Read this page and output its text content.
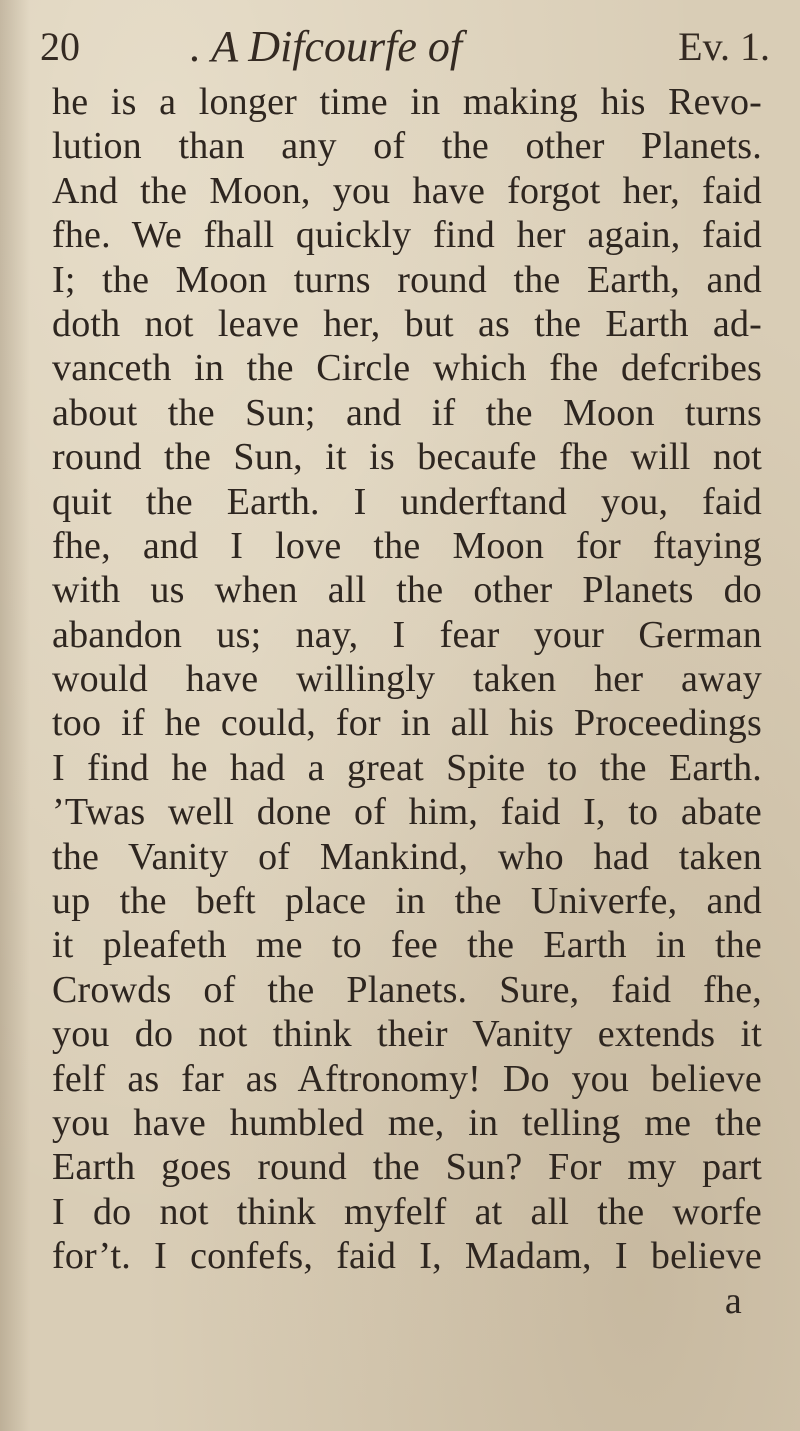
20	. A Difcourfe of	Ev. 1.
he is a longer time in making his Revo-
lution than any of the other Planets.
And the Moon, you have forgot her, faid
fhe. We fhall quickly find her again, faid
I; the Moon turns round the Earth, and
doth not leave her, but as the Earth ad-
vanceth in the Circle which fhe defcribes
about the Sun; and if the Moon turns
round the Sun, it is becaufe fhe will not
quit the Earth. I underftand you, faid
fhe, and I love the Moon for ftaying
with us when all the other Planets do
abandon us; nay, I fear your German
would have willingly taken her away
too if he could, for in all his Proceedings
I find he had a great Spite to the Earth.
’Twas well done of him, faid I, to abate
the Vanity of Mankind, who had taken
up the beft place in the Univerfe, and
it pleafeth me to fee the Earth in the
Crowds of the Planets. Sure, faid fhe,
you do not think their Vanity extends it
felf as far as Aftronomy! Do you believe
you have humbled me, in telling me the
Earth goes round the Sun? For my part
I do not think myfelf at all the worfe
for’t. I confefs, faid I, Madam, I believe
a
